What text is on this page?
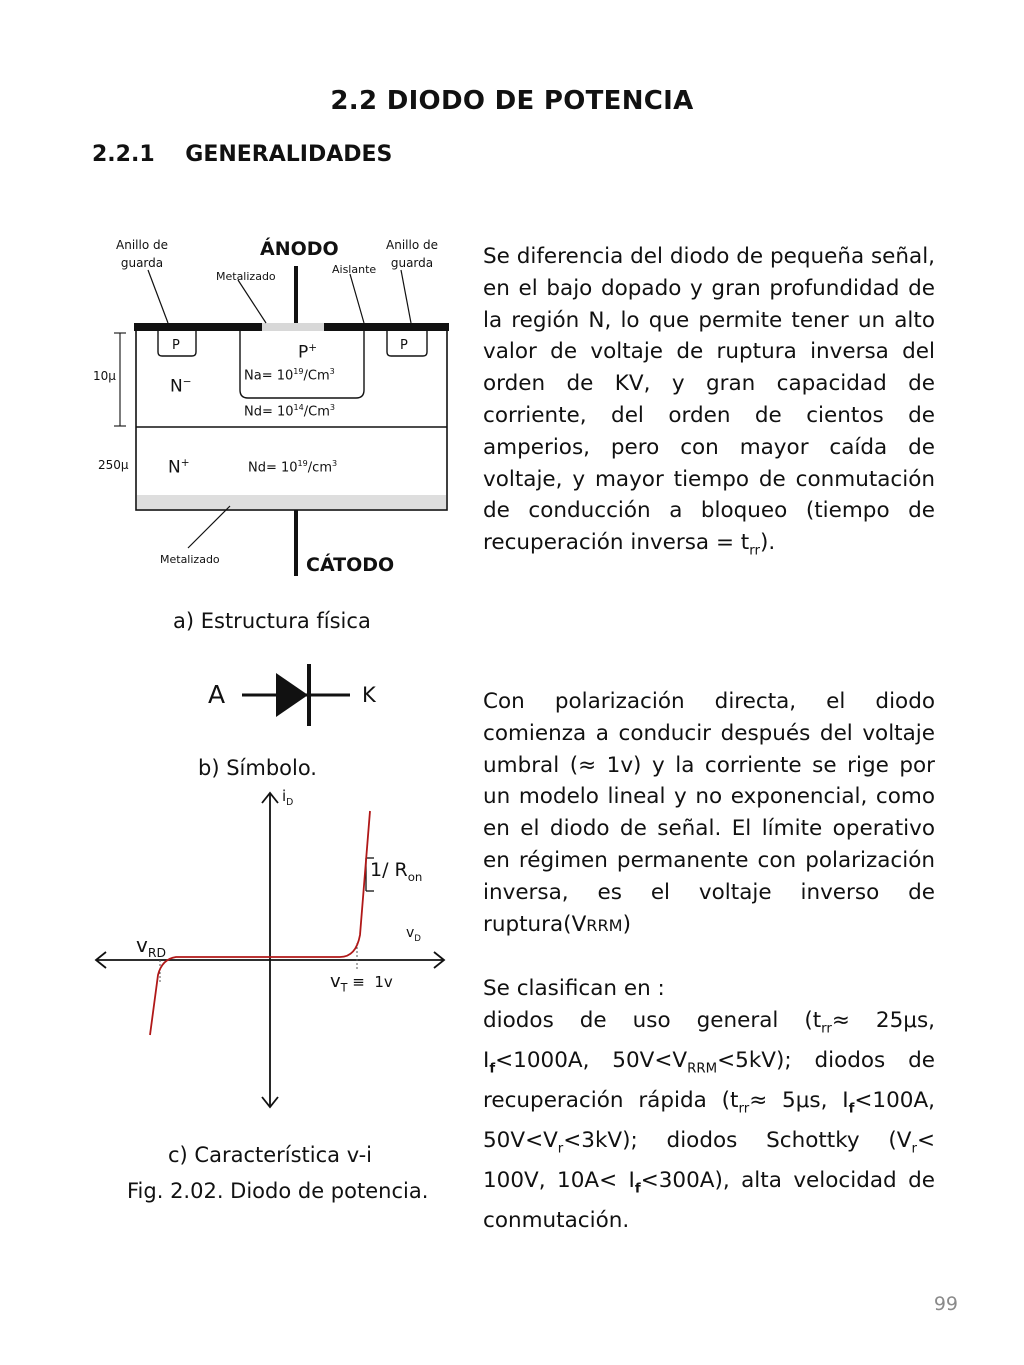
2.2 DIODO DE POTENCIA
2.2.1    GENERALIDADES
Anillo de
guarda
Anillo de
guarda
ÁNODO
Metalizado
Aislante
P	P
P+
$Na= 10^{19}/Cm^3$
N−
$Nd= 10^{14}/Cm^3$
N+	$Nd= 10^{19}/cm^3$
10μ
250μ
Metalizado	CÁTODO
a) Estructura física
A	K
b) Símbolo.
$i_D$
1/ $R_{on}$
$v_D$
$v_{RD}$
$v_T \equiv 1v$
c) Característica v-i
Fig. 2.02. Diodo de potencia.

Se diferencia del diodo de pequeña señal, en el bajo dopado y gran profundidad de la región N, lo que permite tener un alto valor de voltaje de ruptura inversa del orden de KV, y gran capacidad de corriente, del orden de cientos de amperios, pero con mayor caída de voltaje, y mayor tiempo de conmutación de conducción a bloqueo (tiempo de recuperación inversa = $t_{rr}$).

Con polarización directa, el diodo comienza a conducir después del voltaje umbral (≈ 1v) y la corriente se rige por un modelo lineal y no exponencial, como en el diodo de señal. El límite operativo en régimen permanente con polarización inversa, es el voltaje inverso de ruptura(VRRM)

Se clasifican en :

diodos de uso general ($t_{rr}\approx 25\mu s$, $I_f<1000A$, $50V<V_{RRM}<5kV$); diodos de recuperación rápida ($t_{rr}\approx 5\mu s$, $I_f<100A$, $50V<V_r<3kV$); diodos Schottky ($V_r< 100V$, $10A< I_f<300A$), alta velocidad de conmutación.

99
